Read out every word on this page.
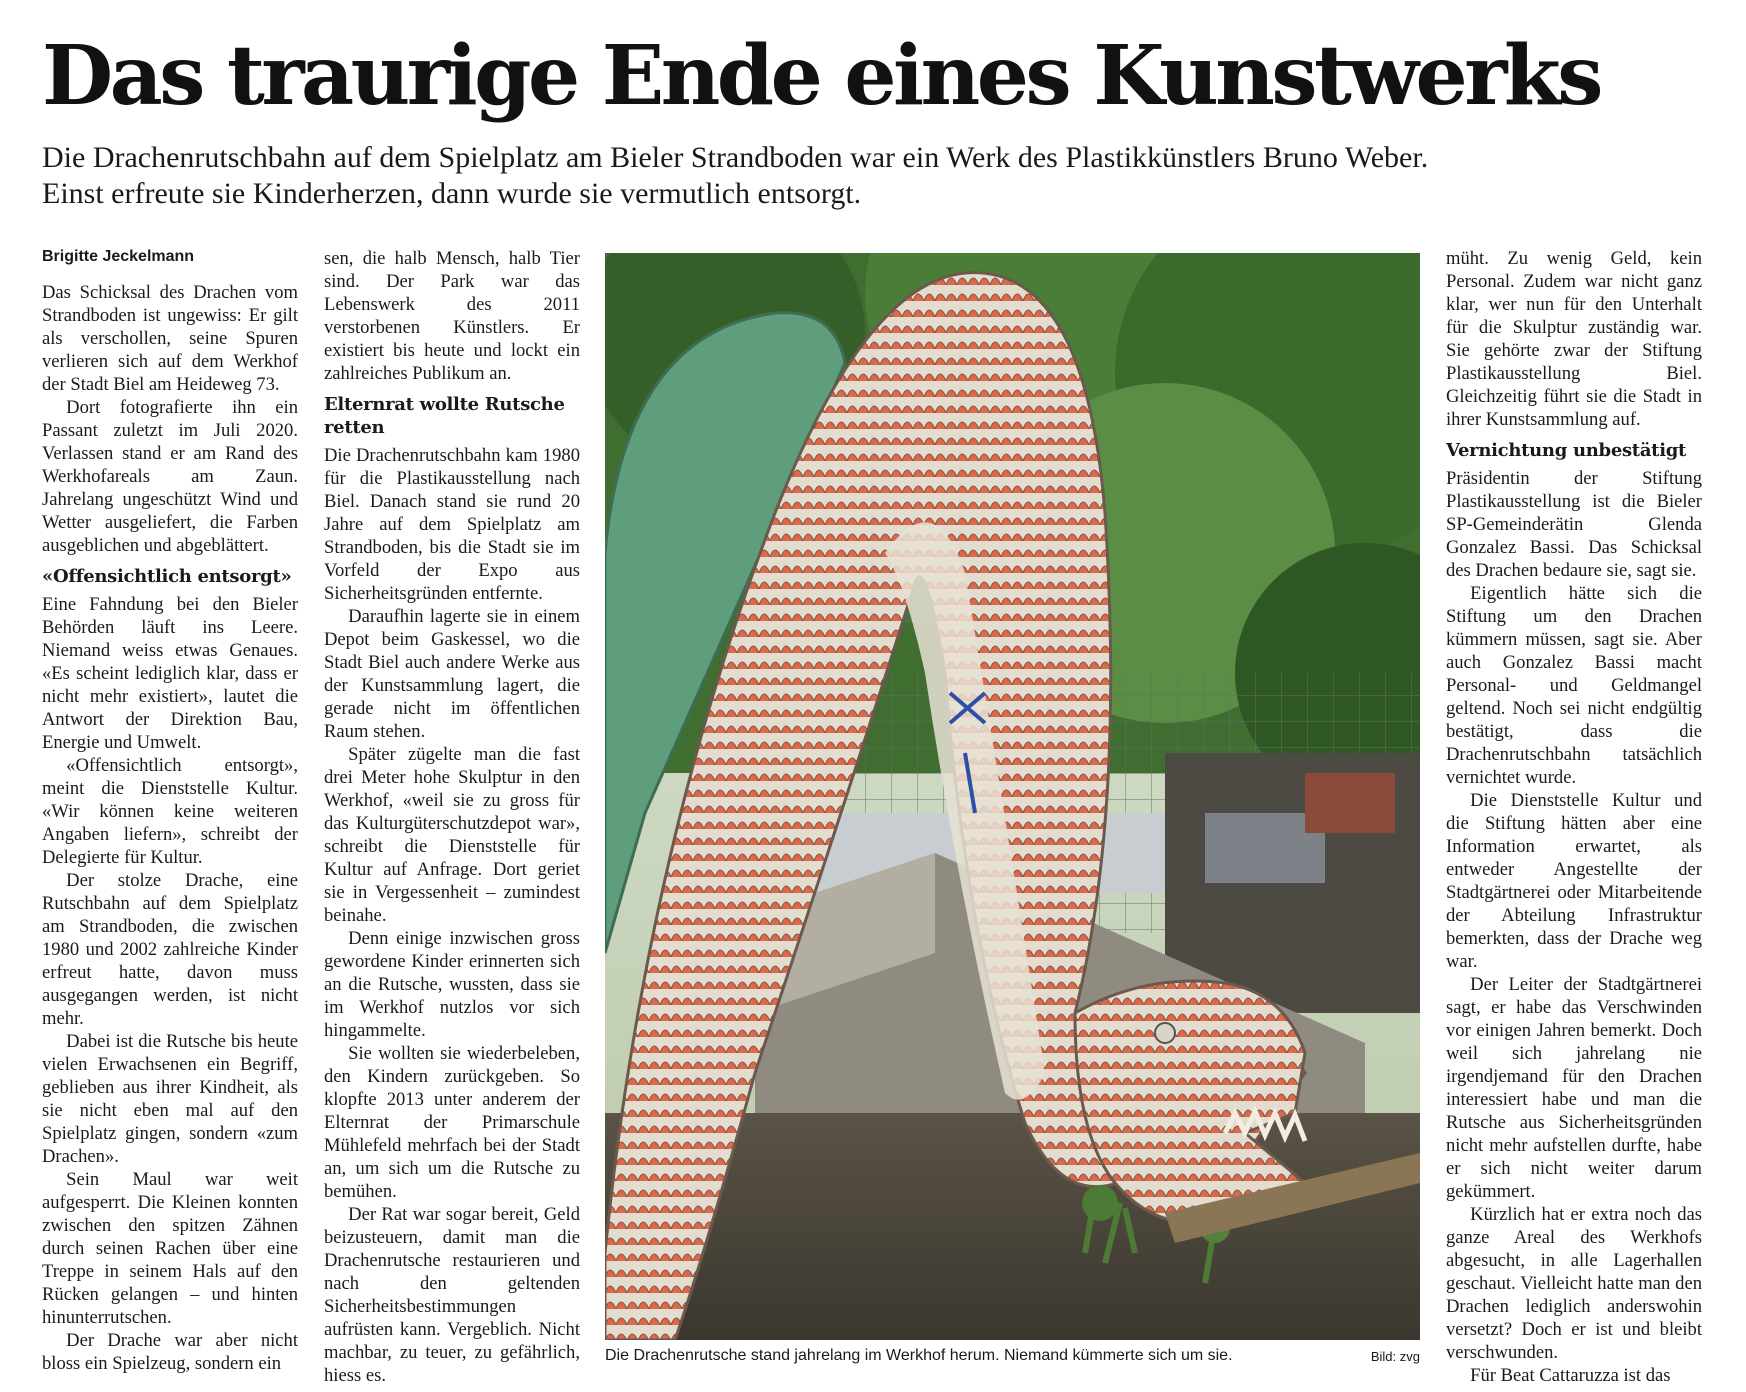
Das traurige Ende eines Kunstwerks
Die Drachenrutschbahn auf dem Spielplatz am Bieler Strandboden war ein Werk des Plastikkünstlers Bruno Weber.
Einst erfreute sie Kinderherzen, dann wurde sie vermutlich entsorgt.
Brigitte Jeckelmann

Das Schicksal des Drachen vom Strandboden ist ungewiss: Er gilt als verschollen, seine Spuren verlieren sich auf dem Werkhof der Stadt Biel am Heideweg 73.

Dort fotografierte ihn ein Passant zuletzt im Juli 2020. Verlassen stand er am Rand des Werkhofareals am Zaun. Jahrelang ungeschützt Wind und Wetter ausgeliefert, die Farben ausgeblichen und abgeblättert.

«Offensichtlich entsorgt»

Eine Fahndung bei den Bieler Behörden läuft ins Leere. Niemand weiss etwas Genaues. «Es scheint lediglich klar, dass er nicht mehr existiert», lautet die Antwort der Direktion Bau, Energie und Umwelt.

«Offensichtlich entsorgt», meint die Dienststelle Kultur. «Wir können keine weiteren Angaben liefern», schreibt der Delegierte für Kultur.

Der stolze Drache, eine Rutschbahn auf dem Spielplatz am Strandboden, die zwischen 1980 und 2002 zahlreiche Kinder erfreut hatte, davon muss ausgegangen werden, ist nicht mehr.

Dabei ist die Rutsche bis heute vielen Erwachsenen ein Begriff, geblieben aus ihrer Kindheit, als sie nicht eben mal auf den Spielplatz gingen, sondern «zum Drachen».

Sein Maul war weit aufgesperrt. Die Kleinen konnten zwischen den spitzen Zähnen durch seinen Rachen über eine Treppe in seinem Hals auf den Rücken gelangen – und hinten hinunterrutschen.

Der Drache war aber nicht bloss ein Spielzeug, sondern ein

sen, die halb Mensch, halb Tier sind. Der Park war das Lebenswerk des 2011 verstorbenen Künstlers. Er existiert bis heute und lockt ein zahlreiches Publikum an.

Elternrat wollte Rutsche retten

Die Drachenrutschbahn kam 1980 für die Plastikausstellung nach Biel. Danach stand sie rund 20 Jahre auf dem Spielplatz am Strandboden, bis die Stadt sie im Vorfeld der Expo aus Sicherheitsgründen entfernte.

Daraufhin lagerte sie in einem Depot beim Gaskessel, wo die Stadt Biel auch andere Werke aus der Kunstsammlung lagert, die gerade nicht im öffentlichen Raum stehen.

Später zügelte man die fast drei Meter hohe Skulptur in den Werkhof, «weil sie zu gross für das Kulturgüterschutzdepot war», schreibt die Dienststelle für Kultur auf Anfrage. Dort geriet sie in Vergessenheit – zumindest beinahe.

Denn einige inzwischen gross gewordene Kinder erinnerten sich an die Rutsche, wussten, dass sie im Werkhof nutzlos vor sich hingammelte.

Sie wollten sie wiederbeleben, den Kindern zurückgeben. So klopfte 2013 unter anderem der Elternrat der Primarschule Mühlefeld mehrfach bei der Stadt an, um sich um die Rutsche zu bemühen.

Der Rat war sogar bereit, Geld beizusteuern, damit man die Drachenrutsche restaurieren und nach den geltenden Sicherheitsbestimmungen aufrüsten kann. Vergeblich. Nicht machbar, zu teuer, zu gefährlich, hiess es.

Die Drachenrutsche stand jahrelang im Werkhof herum. Niemand kümmerte sich um sie.	Bild: zvg

müht. Zu wenig Geld, kein Personal. Zudem war nicht ganz klar, wer nun für den Unterhalt für die Skulptur zuständig war. Sie gehörte zwar der Stiftung Plastikausstellung Biel. Gleichzeitig führt sie die Stadt in ihrer Kunstsammlung auf.

Vernichtung unbestätigt

Präsidentin der Stiftung Plastikausstellung ist die Bieler SP-Gemeinderätin Glenda Gonzalez Bassi. Das Schicksal des Drachen bedaure sie, sagt sie.

Eigentlich hätte sich die Stiftung um den Drachen kümmern müssen, sagt sie. Aber auch Gonzalez Bassi macht Personal- und Geldmangel geltend. Noch sei nicht endgültig bestätigt, dass die Drachenrutschbahn tatsächlich vernichtet wurde.

Die Dienststelle Kultur und die Stiftung hätten aber eine Information erwartet, als entweder Angestellte der Stadtgärtnerei oder Mitarbeitende der Abteilung Infrastruktur bemerkten, dass der Drache weg war.

Der Leiter der Stadtgärtnerei sagt, er habe das Verschwinden vor einigen Jahren bemerkt. Doch weil sich jahrelang nie irgendjemand für den Drachen interessiert habe und man die Rutsche aus Sicherheitsgründen nicht mehr aufstellen durfte, habe er sich nicht weiter darum gekümmert.

Kürzlich hat er extra noch das ganze Areal des Werkhofs abgesucht, in alle Lagerhallen geschaut. Vielleicht hatte man den Drachen lediglich anderswohin versetzt? Doch er ist und bleibt verschwunden.

Für Beat Cattaruzza ist das
